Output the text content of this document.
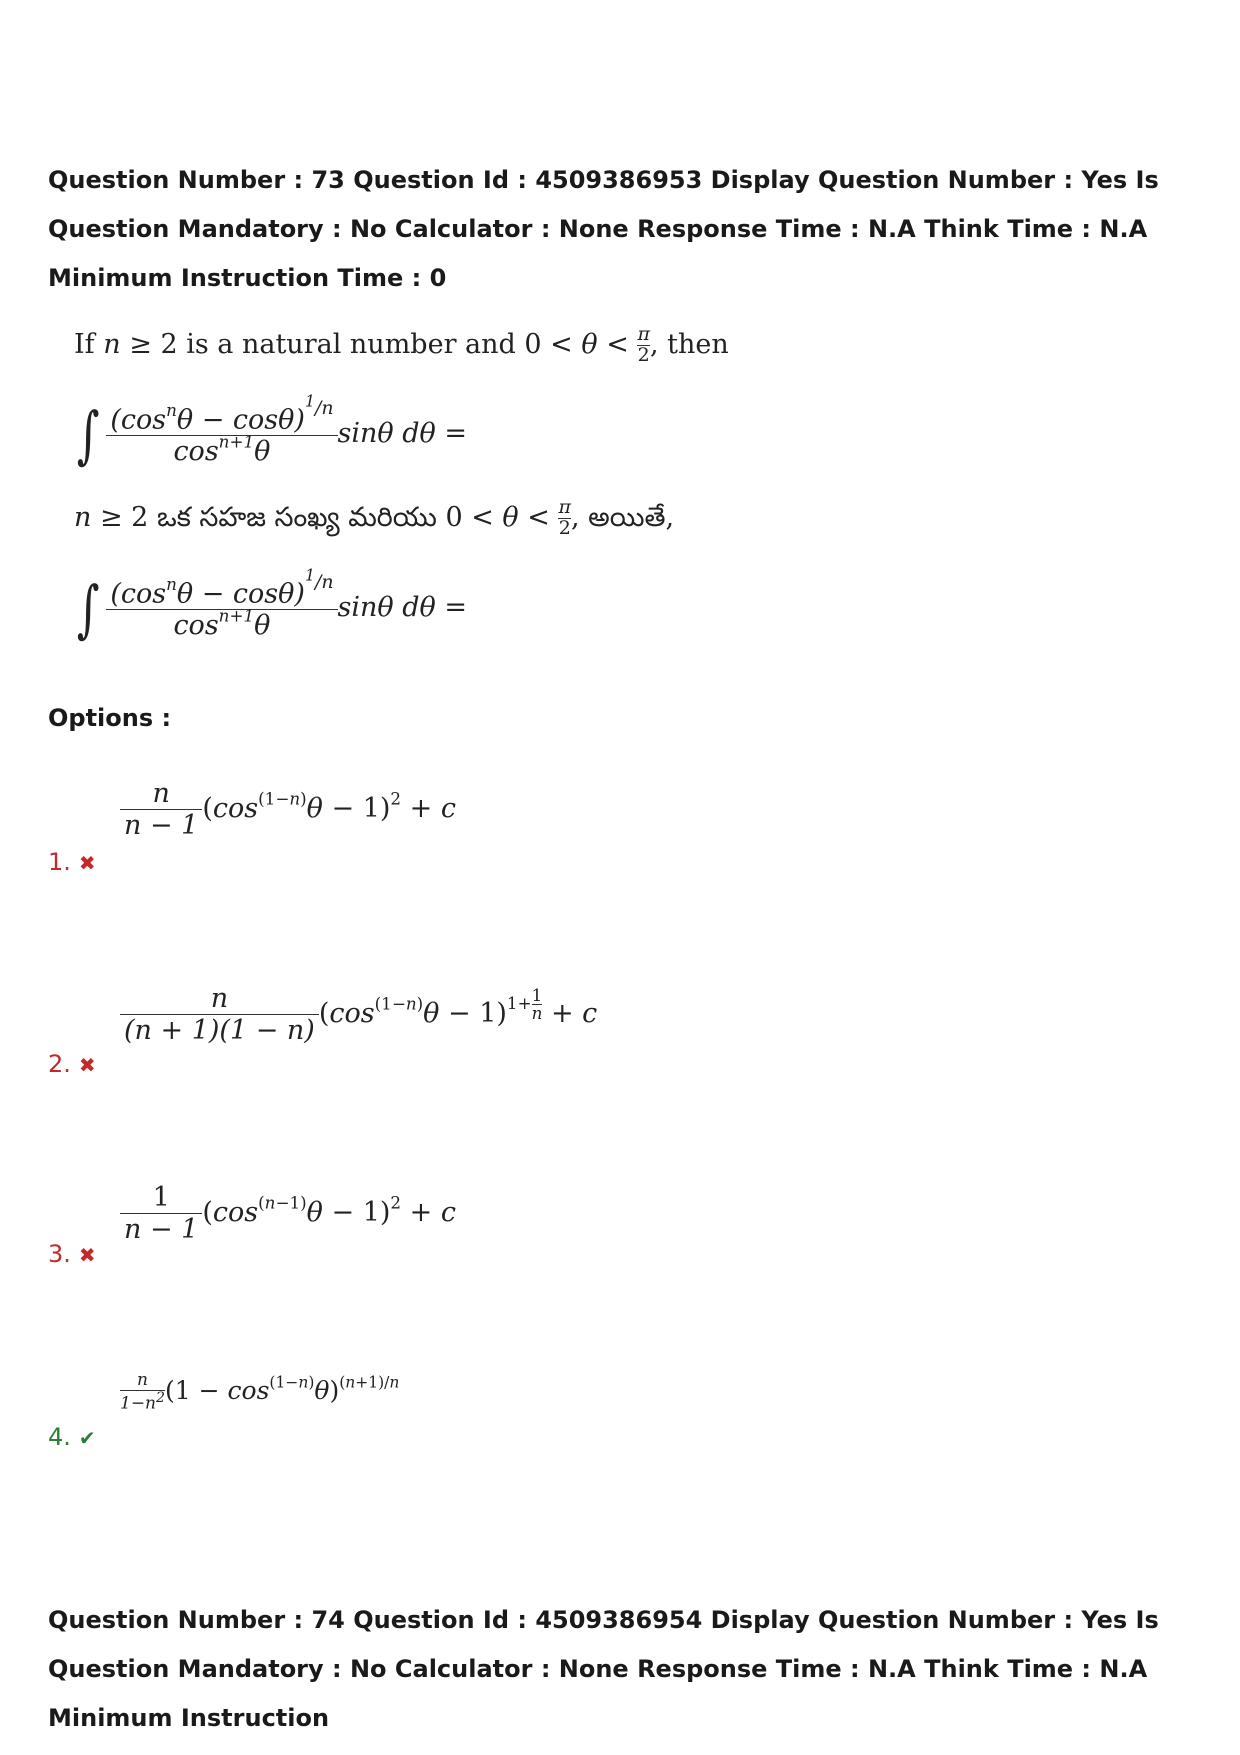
Question Number : 73 Question Id : 4509386953 Display Question Number : Yes Is Question Mandatory : No Calculator : None Response Time : N.A Think Time : N.A Minimum Instruction Time : 0
If n ≥ 2 is a natural number and $0 < \theta < \frac{\pi}{2}$ , then
∫ $\frac{(\cos^n\theta - \cos\theta)^{^1/n}}{\cos^{n+1}\theta}$ sinθ dθ =
n ≥ 2 ఒక సహజ సంఖ్య మరియు $0 < \theta < \frac{\pi}{2}$ , అయితే,
∫ $\frac{(\cos^n\theta - \cos\theta)^{^1/n}}{\cos^{n+1}\theta}$ sinθ dθ =
Options :
$\frac{n}{n - 1} (\cos^{(1-n)}\theta - 1)^2 + c$
1. ✖
$\frac{n}{(n + 1)(1 - n)} (\cos^{(1-n)}\theta - 1)^{1+ \frac{1}{n}} + c$
2. ✖
$\frac{1}{n - 1} (\cos^{(n-1)}\theta - 1)^2 + c$
3. ✖
$\frac{n}{1-n^2} (1 - \cos^{(1-n)}\theta)^{(n+1)/n}$
4. ✔
Question Number : 74 Question Id : 4509386954 Display Question Number : Yes Is Question Mandatory : No Calculator : None Response Time : N.A Think Time : N.A Minimum Instruction
